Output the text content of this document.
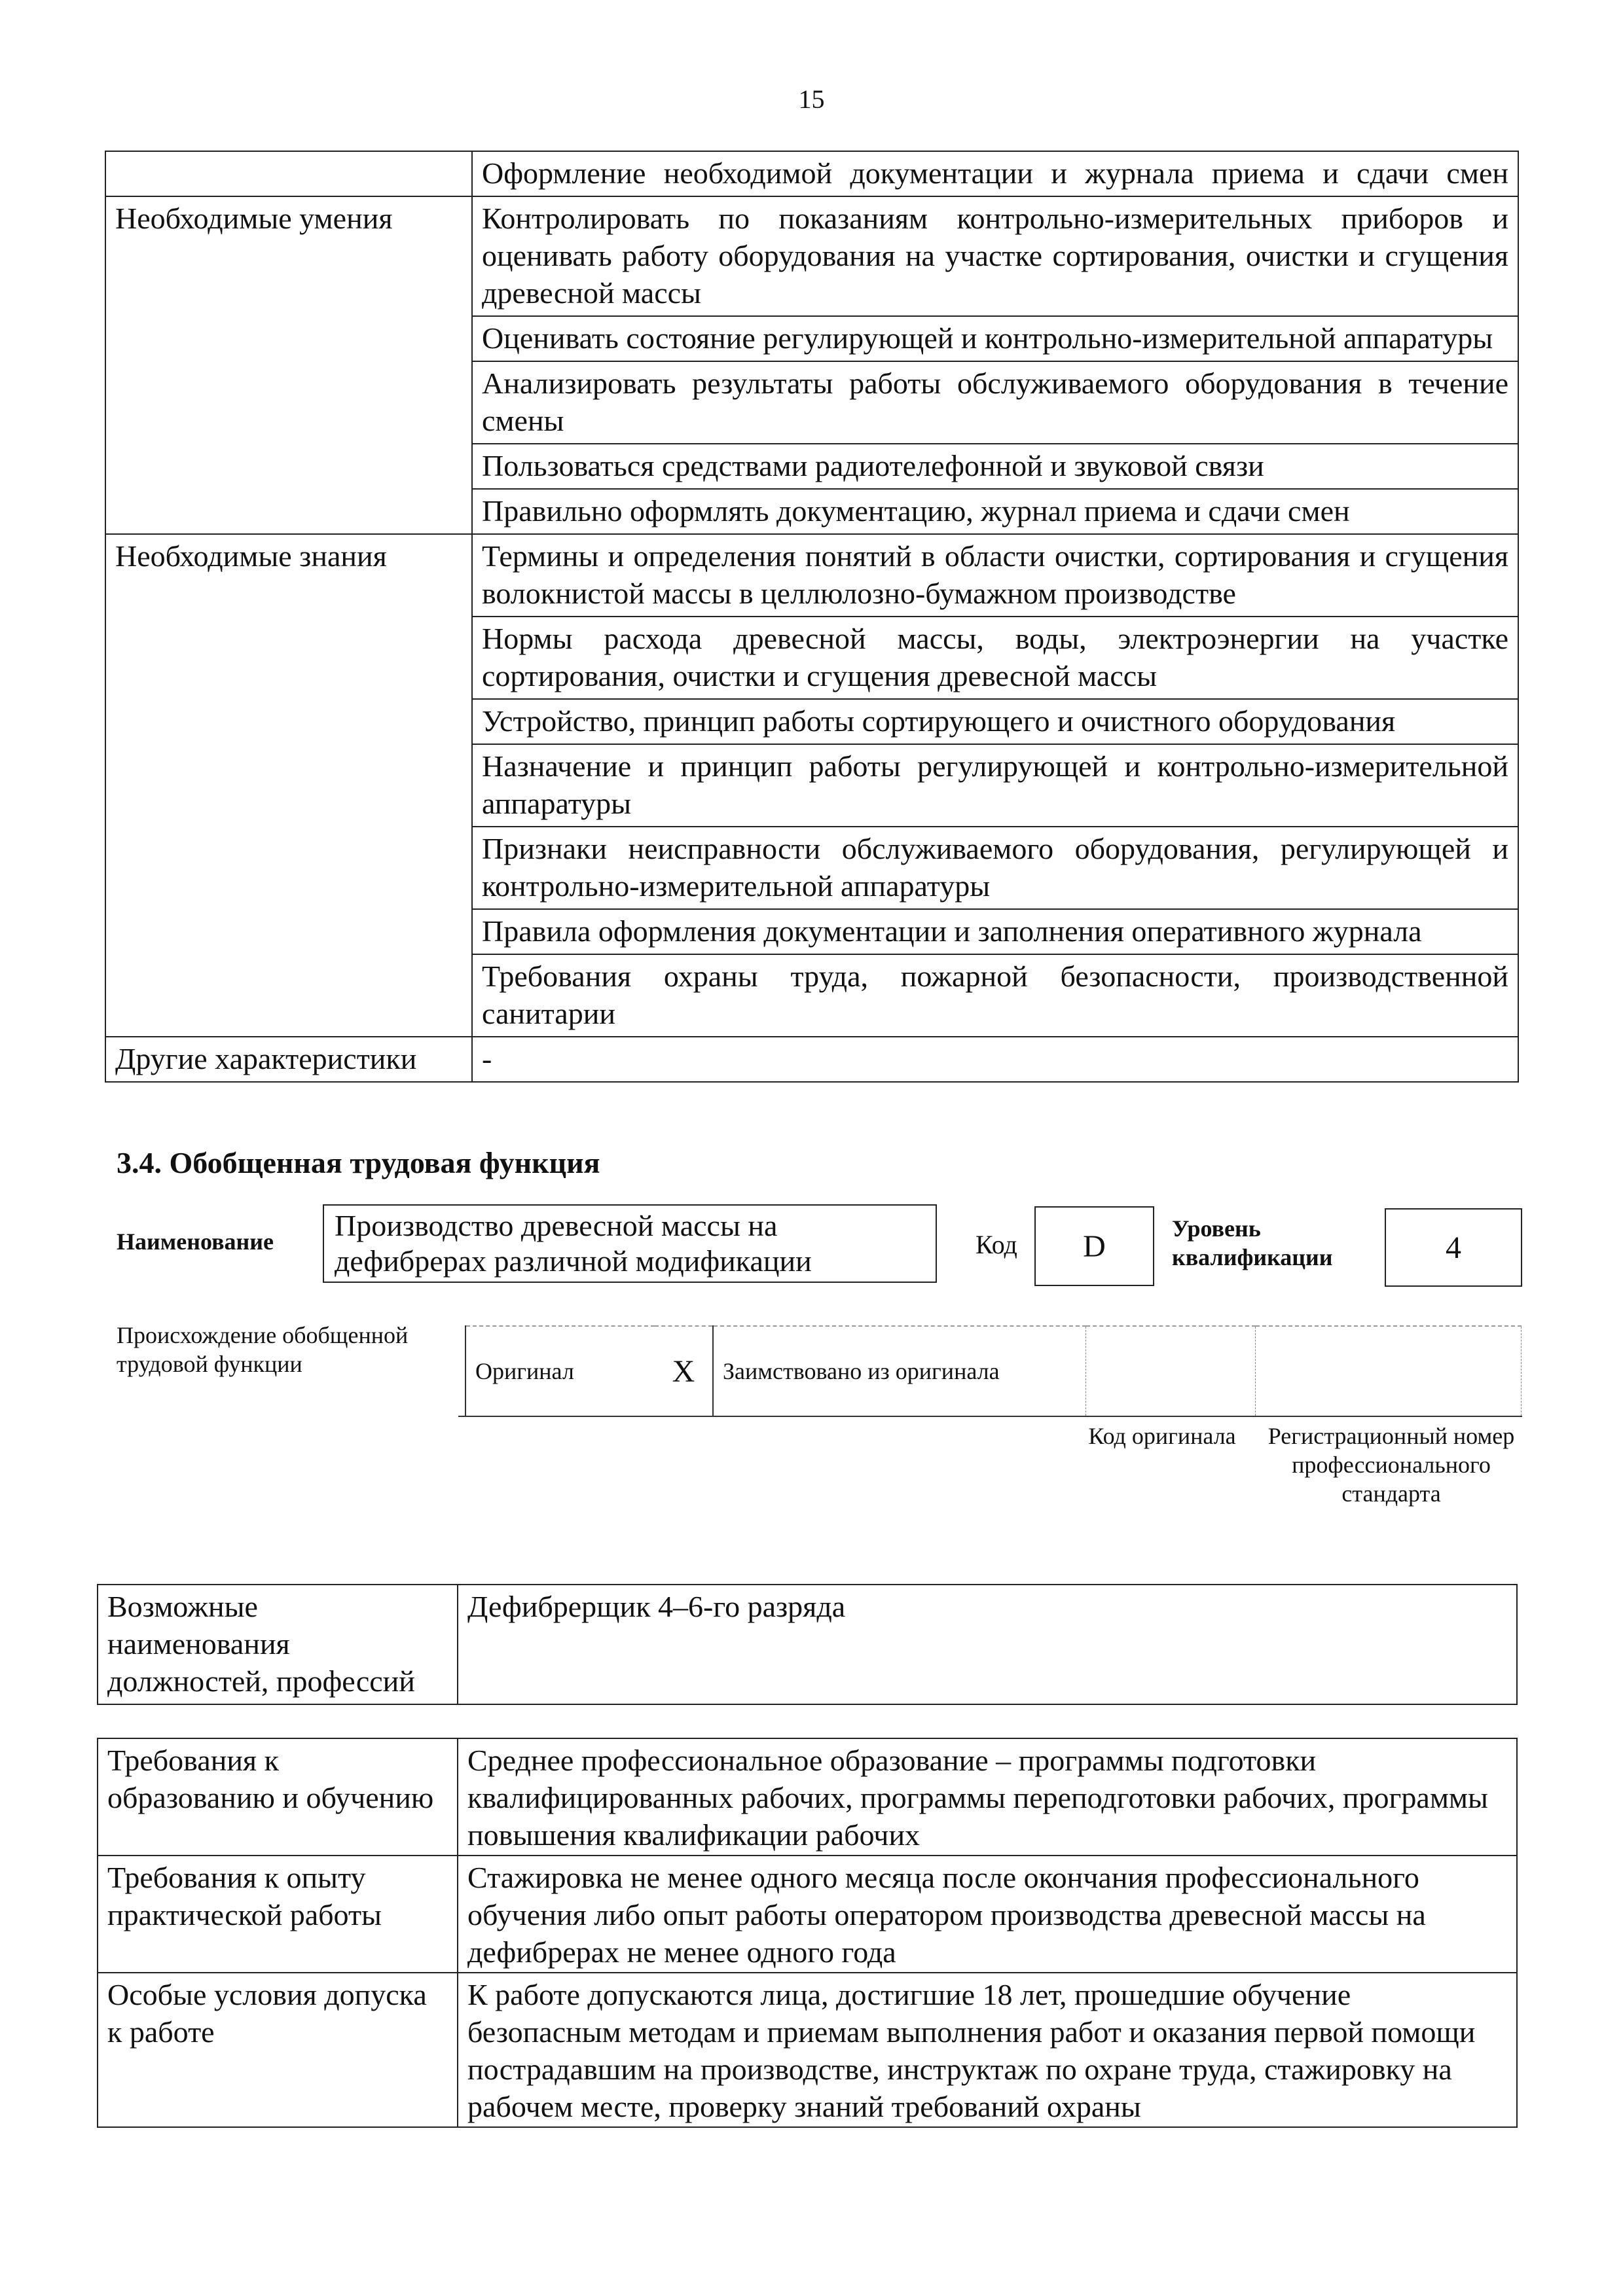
15
	Оформление необходимой документации и журнала приема и сдачи смен
Необходимые умения	Контролировать по показаниям контрольно-измерительных приборов и оценивать работу оборудования на участке сортирования, очистки и сгущения древесной массы
	Оценивать состояние регулирующей и контрольно-измерительной аппаратуры
	Анализировать результаты работы обслуживаемого оборудования в течение смены
	Пользоваться средствами радиотелефонной и звуковой связи
	Правильно оформлять документацию, журнал приема и сдачи смен
Необходимые знания	Термины и определения понятий в области очистки, сортирования и сгущения волокнистой массы в целлюлозно-бумажном производстве
	Нормы расхода древесной массы, воды, электроэнергии на участке сортирования, очистки и сгущения древесной массы
	Устройство, принцип работы сортирующего и очистного оборудования
	Назначение и принцип работы регулирующей и контрольно-измерительной аппаратуры
	Признаки неисправности обслуживаемого оборудования, регулирующей и контрольно-измерительной аппаратуры
	Правила оформления документации и заполнения оперативного журнала
	Требования охраны труда, пожарной безопасности, производственной санитарии
Другие характеристики	-
3.4. Обобщенная трудовая функция
Наименование	Производство древесной массы на дефибрерах различной модификации	Код	D
Уровень квалификации	4
Происхождение обобщенной трудовой функции	Оригинал	X	Заимствовано из оригинала		
Код оригинала	Регистрационный номер профессионального стандарта
Возможные наименования должностей, профессий	Дефибрерщик 4–6-го разряда
Требования к образованию и обучению	Среднее профессиональное образование – программы подготовки квалифицированных рабочих, программы переподготовки рабочих, программы повышения квалификации рабочих
Требования к опыту практической работы	Стажировка не менее одного месяца после окончания профессионального обучения либо опыт работы оператором производства древесной массы на дефибрерах не менее одного года
Особые условия допуска к работе	К работе допускаются лица, достигшие 18 лет, прошедшие обучение безопасным методам и приемам выполнения работ и оказания первой помощи пострадавшим на производстве, инструктаж по охране труда, стажировку на рабочем месте, проверку знаний требований охраны
